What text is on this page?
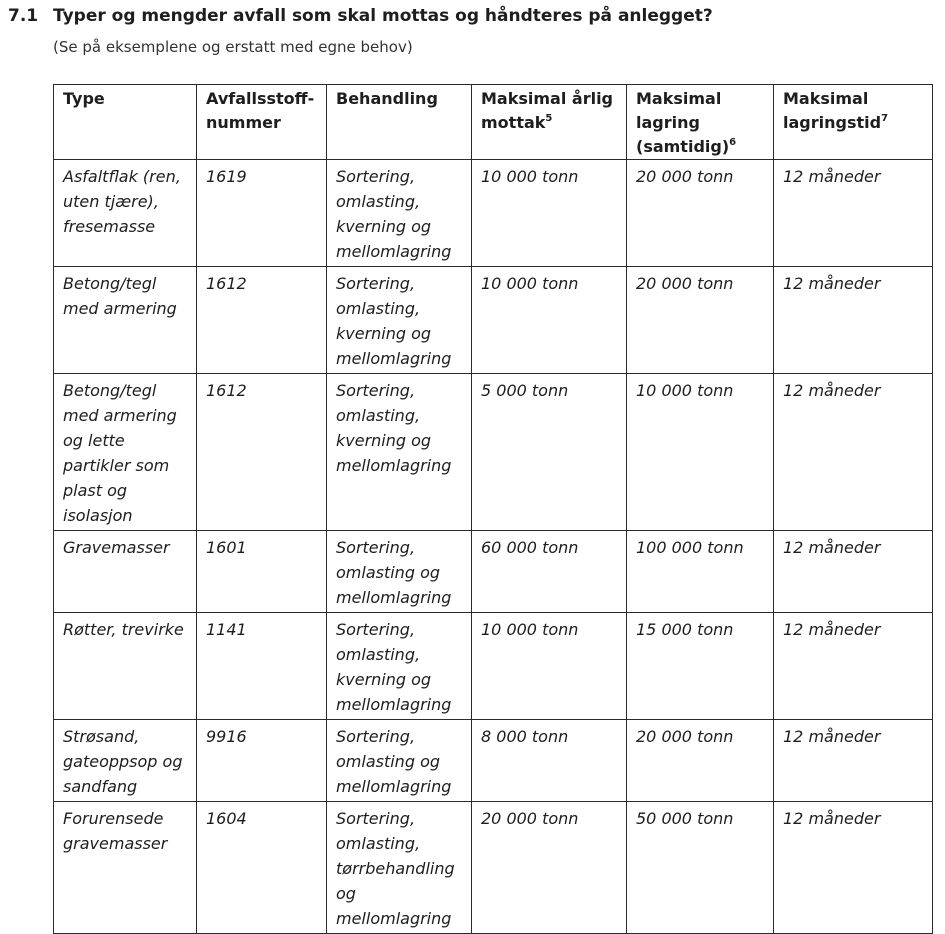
7.1 Typer og mengder avfall som skal mottas og håndteres på anlegget?
(Se på eksemplene og erstatt med egne behov)
Type	Avfallsstoff-nummer	Behandling	Maksimal årlig mottak$^5$	Maksimal lagring (samtidig)$^6$	Maksimal lagringstid$^7$
Asfaltflak (ren, uten tjære), fresemasse	1619	Sortering, omlasting, kverning og mellomlagring	10 000 tonn	20 000 tonn	12 måneder
Betong/tegl med armering	1612	Sortering, omlasting, kverning og mellomlagring	10 000 tonn	20 000 tonn	12 måneder
Betong/tegl med armering og lette partikler som plast og isolasjon	1612	Sortering, omlasting, kverning og mellomlagring	5 000 tonn	10 000 tonn	12 måneder
Gravemasser	1601	Sortering, omlasting og mellomlagring	60 000 tonn	100 000 tonn	12 måneder
Røtter, trevirke	1141	Sortering, omlasting, kverning og mellomlagring	10 000 tonn	15 000 tonn	12 måneder
Strøsand, gateoppsop og sandfang	9916	Sortering, omlasting og mellomlagring	8 000 tonn	20 000 tonn	12 måneder
Forurensede gravemasser	1604	Sortering, omlasting, tørrbehandling og mellomlagring	20 000 tonn	50 000 tonn	12 måneder
